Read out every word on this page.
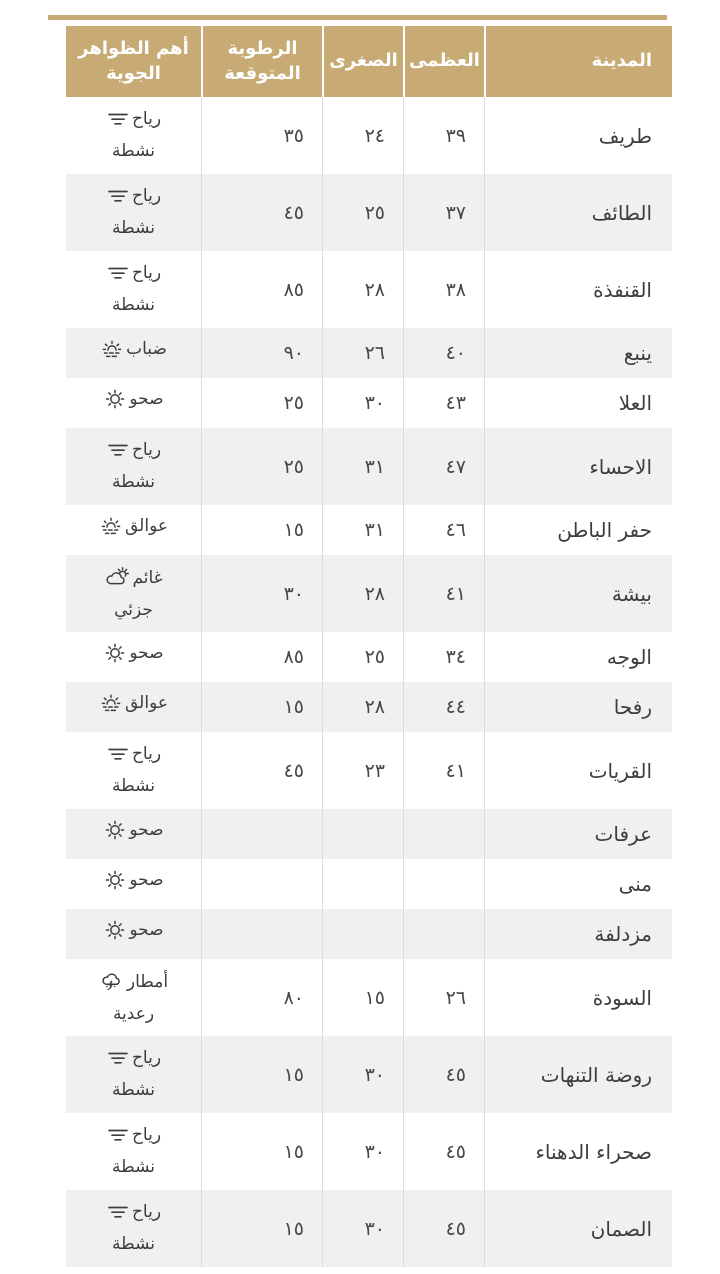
المدينة	العظمى	الصغرى	الرطوبة المتوقعة	أهم الظواهر الجوية
طريف	٣٩	٢٤	٣٥	رياح نشطة

الطائف	٣٧	٢٥	٤٥	رياح نشطة

القنفذة	٣٨	٢٨	٨٥	رياح نشطة

ينبع	٤٠	٢٦	٩٠	ضباب

العلا	٤٣	٣٠	٢٥	صحو

الاحساء	٤٧	٣١	٢٥	رياح نشطة

حفر الباطن	٤٦	٣١	١٥	عوالق

بيشة	٤١	٢٨	٣٠	غائم جزئي

الوجه	٣٤	٢٥	٨٥	صحو

رفحا	٤٤	٢٨	١٥	عوالق

القريات	٤١	٢٣	٤٥	رياح نشطة

عرفات				صحو

منى				صحو

مزدلفة				صحو

السودة	٢٦	١٥	٨٠	أمطار رعدية

روضة التنهات	٤٥	٣٠	١٥	رياح نشطة

صحراء الدهناء	٤٥	٣٠	١٥	رياح نشطة

الصمان	٤٥	٣٠	١٥	رياح نشطة
